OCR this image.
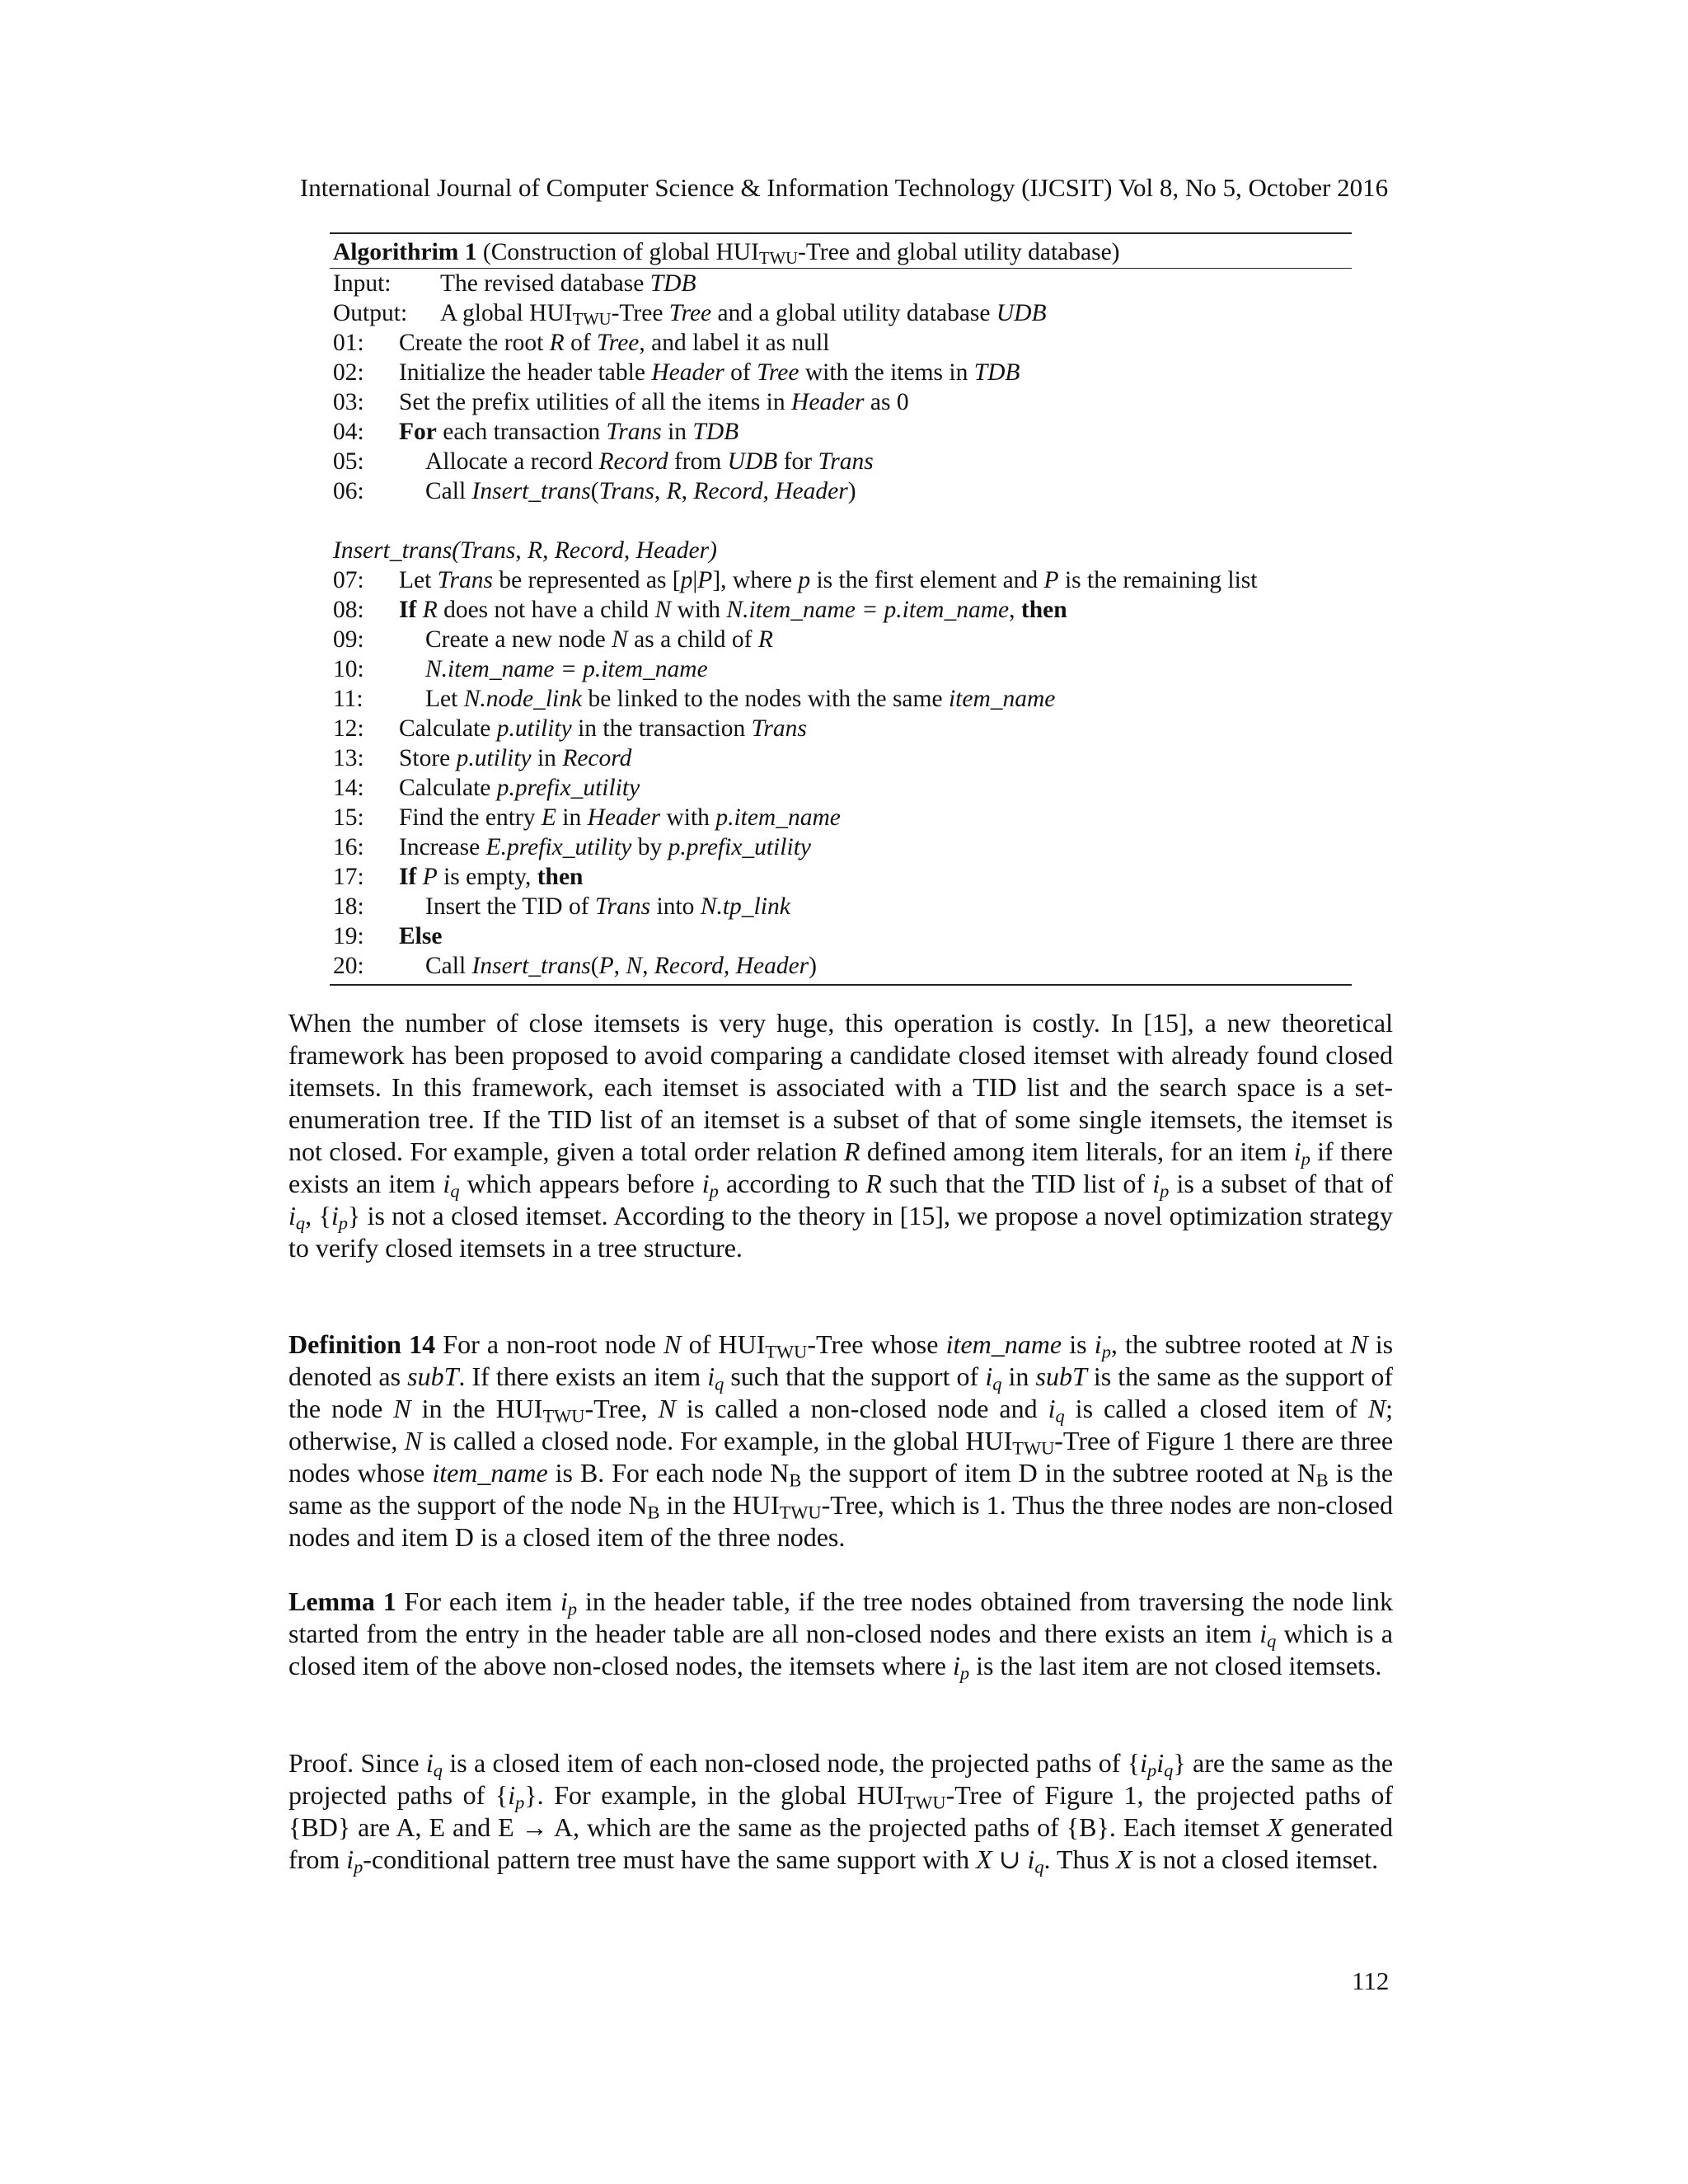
International Journal of Computer Science & Information Technology (IJCSIT) Vol 8, No 5, October 2016
Algorithrim 1 (Construction of global $HUI_{TWU}$-Tree and global utility database)
Input:	The revised database TDB
Output:	A global $HUI_{TWU}$-Tree Tree and a global utility database UDB
01:	Create the root R of Tree, and label it as null
02:	Initialize the header table Header of Tree with the items in TDB
03:	Set the prefix utilities of all the items in Header as 0
04:	For each transaction Trans in TDB
05:	Allocate a record Record from UDB for Trans
06:	Call Insert_trans(Trans, R, Record, Header)
Insert_trans(Trans, R, Record, Header)
07:	Let Trans be represented as [p|P], where p is the first element and P is the remaining list
08:	If R does not have a child N with N.item_name = p.item_name, then
09:	Create a new node N as a child of R
10:	N.item_name = p.item_name
11:	Let N.node_link be linked to the nodes with the same item_name
12:	Calculate p.utility in the transaction Trans
13:	Store p.utility in Record
14:	Calculate p.prefix_utility
15:	Find the entry E in Header with p.item_name
16:	Increase E.prefix_utility by p.prefix_utility
17:	If P is empty, then
18:	Insert the TID of Trans into N.tp_link
19:	Else
20:	Call Insert_trans(P, N, Record, Header)

When the number of close itemsets is very huge, this operation is costly. In [15], a new theoretical framework has been proposed to avoid comparing a candidate closed itemset with already found closed itemsets. In this framework, each itemset is associated with a TID list and the search space is a set-enumeration tree. If the TID list of an itemset is a subset of that of some single itemsets, the itemset is not closed. For example, given a total order relation R defined among item literals, for an item $i_p$ if there exists an item $i_q$ which appears before $i_p$ according to R such that the TID list of $i_p$ is a subset of that of $i_q$, $\{i_p\}$ is not a closed itemset. According to the theory in [15], we propose a novel optimization strategy to verify closed itemsets in a tree structure.

Definition 14 For a non-root node N of $HUI_{TWU}$-Tree whose item_name is $i_p$, the subtree rooted at N is denoted as subT. If there exists an item $i_q$ such that the support of $i_q$ in subT is the same as the support of the node N in the $HUI_{TWU}$-Tree, N is called a non-closed node and $i_q$ is called a closed item of N; otherwise, N is called a closed node. For example, in the global $HUI_{TWU}$-Tree of Figure 1 there are three nodes whose item_name is B. For each node $N_B$ the support of item D in the subtree rooted at $N_B$ is the same as the support of the node $N_B$ in the $HUI_{TWU}$-Tree, which is 1. Thus the three nodes are non-closed nodes and item D is a closed item of the three nodes.

Lemma 1 For each item $i_p$ in the header table, if the tree nodes obtained from traversing the node link started from the entry in the header table are all non-closed nodes and there exists an item $i_q$ which is a closed item of the above non-closed nodes, the itemsets where $i_p$ is the last item are not closed itemsets.

Proof. Since $i_q$ is a closed item of each non-closed node, the projected paths of $\{i_pi_q\}$ are the same as the projected paths of $\{i_p\}$. For example, in the global $HUI_{TWU}$-Tree of Figure 1, the projected paths of {BD} are A, E and E → A, which are the same as the projected paths of {B}. Each itemset X generated from $i_p$-conditional pattern tree must have the same support with X ∪ $i_q$. Thus X is not a closed itemset.

112
